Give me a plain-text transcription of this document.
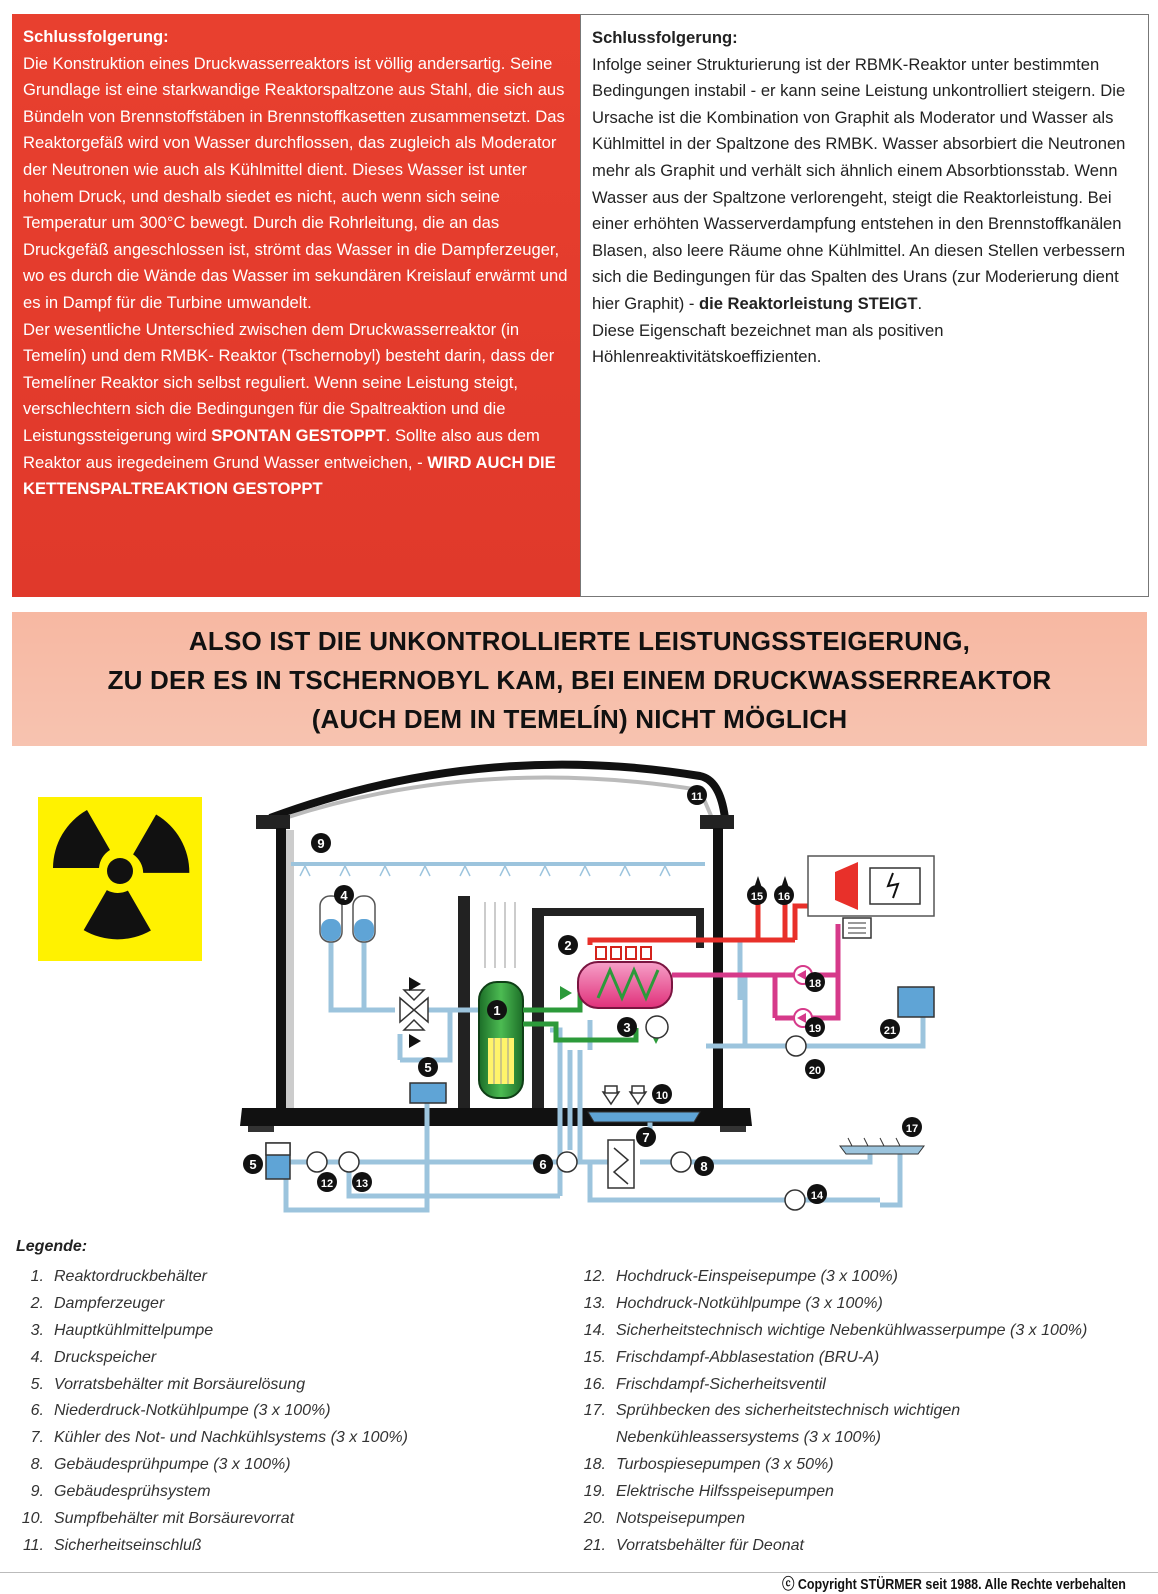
Schlussfolgerung:

Die Konstruktion eines Druckwasserreaktors ist völlig andersartig. Seine Grundlage ist eine starkwandige Reaktorspaltzone aus Stahl, die sich aus Bündeln von Brennstoffstäben in Brennstoffkasetten zusammensetzt. Das Reaktorgefäß wird von Wasser durchflossen, das zugleich als Moderator der Neutronen wie auch als Kühlmittel dient. Dieses Wasser ist unter hohem Druck, und deshalb siedet es nicht, auch wenn sich seine Temperatur um 300°C bewegt. Durch die Rohrleitung, die an das Druckgefäß angeschlossen ist, strömt das Wasser in die Dampferzeuger, wo es durch die Wände das Wasser im sekundären Kreislauf erwärmt und es in Dampf für die Turbine umwandelt.

Der wesentliche Unterschied zwischen dem Druckwasserreaktor (in Temelín) und dem RMBK- Reaktor (Tschernobyl) besteht darin, dass der Temelíner Reaktor sich selbst reguliert. Wenn seine Leistung steigt, verschlechtern sich die Bedingungen für die Spaltreaktion und die Leistungssteigerung wird SPONTAN GESTOPPT. Sollte also aus dem Reaktor aus iregedeinem Grund Wasser entweichen, - WIRD AUCH DIE KETTENSPALTREAKTION GESTOPPT

Schlussfolgerung:

Infolge seiner Strukturierung ist der RBMK-Reaktor unter bestimmten Bedingungen instabil - er kann seine Leistung unkontrolliert steigern. Die Ursache ist die Kombination von Graphit als Moderator und Wasser als Kühlmittel in der Spaltzone des RMBK. Wasser absorbiert die Neutronen mehr als Graphit und verhält sich ähnlich einem Absorbtionsstab. Wenn Wasser aus der Spaltzone verlorengeht, steigt die Reaktorleistung. Bei einer erhöhten Wasserverdampfung entstehen in den Brennstoffkanälen Blasen, also leere Räume ohne Kühlmittel. An diesen Stellen verbessern sich die Bedingungen für das Spalten des Urans (zur Moderierung dient hier Graphit) - die Reaktorleistung STEIGT.

Diese Eigenschaft bezeichnet man als positiven Höhlenreaktivitätskoeffizienten.

ALSO IST DIE UNKONTROLLIERTE LEISTUNGSSTEIGERUNG,
ZU DER ES IN TSCHERNOBYL KAM, BEI EINEM DRUCKWASSERREAKTOR
(AUCH DEM IN TEMELÍN) NICHT MÖGLICH
1
2
3
4
5
5	6
7
8
9
10
11
12 13
14
15 16
17
18
19
20
21
Legende:
1. Reaktordruckbehälter
2. Dampferzeuger
3. Hauptkühlmittelpumpe
4. Druckspeicher
5. Vorratsbehälter mit Borsäurelösung
6. Niederdruck-Notkühlpumpe (3 x 100%)
7. Kühler des Not- und Nachkühlsystems (3 x 100%)
8. Gebäudesprühpumpe (3 x 100%)
9. Gebäudesprühsystem
10. Sumpfbehälter mit Borsäurevorrat
11. Sicherheitseinschluß
12. Hochdruck-Einspeisepumpe (3 x 100%)
13. Hochdruck-Notkühlpumpe (3 x 100%)
14. Sicherheitstechnisch wichtige Nebenkühlwasserpumpe (3 x 100%)
15. Frischdampf-Abblasestation (BRU-A)
16. Frischdampf-Sicherheitsventil
17. Sprühbecken des sicherheitstechnisch wichtigen
Nebenkühleassersystems (3 x 100%)
18. Turbospiesepumpen (3 x 50%)
19. Elektrische Hilfsspeisepumpen
20. Notspeisepumpen
21. Vorratsbehälter für Deonat
ⓒ Copyright STÜRMER seit 1988. Alle Rechte verbehalten
